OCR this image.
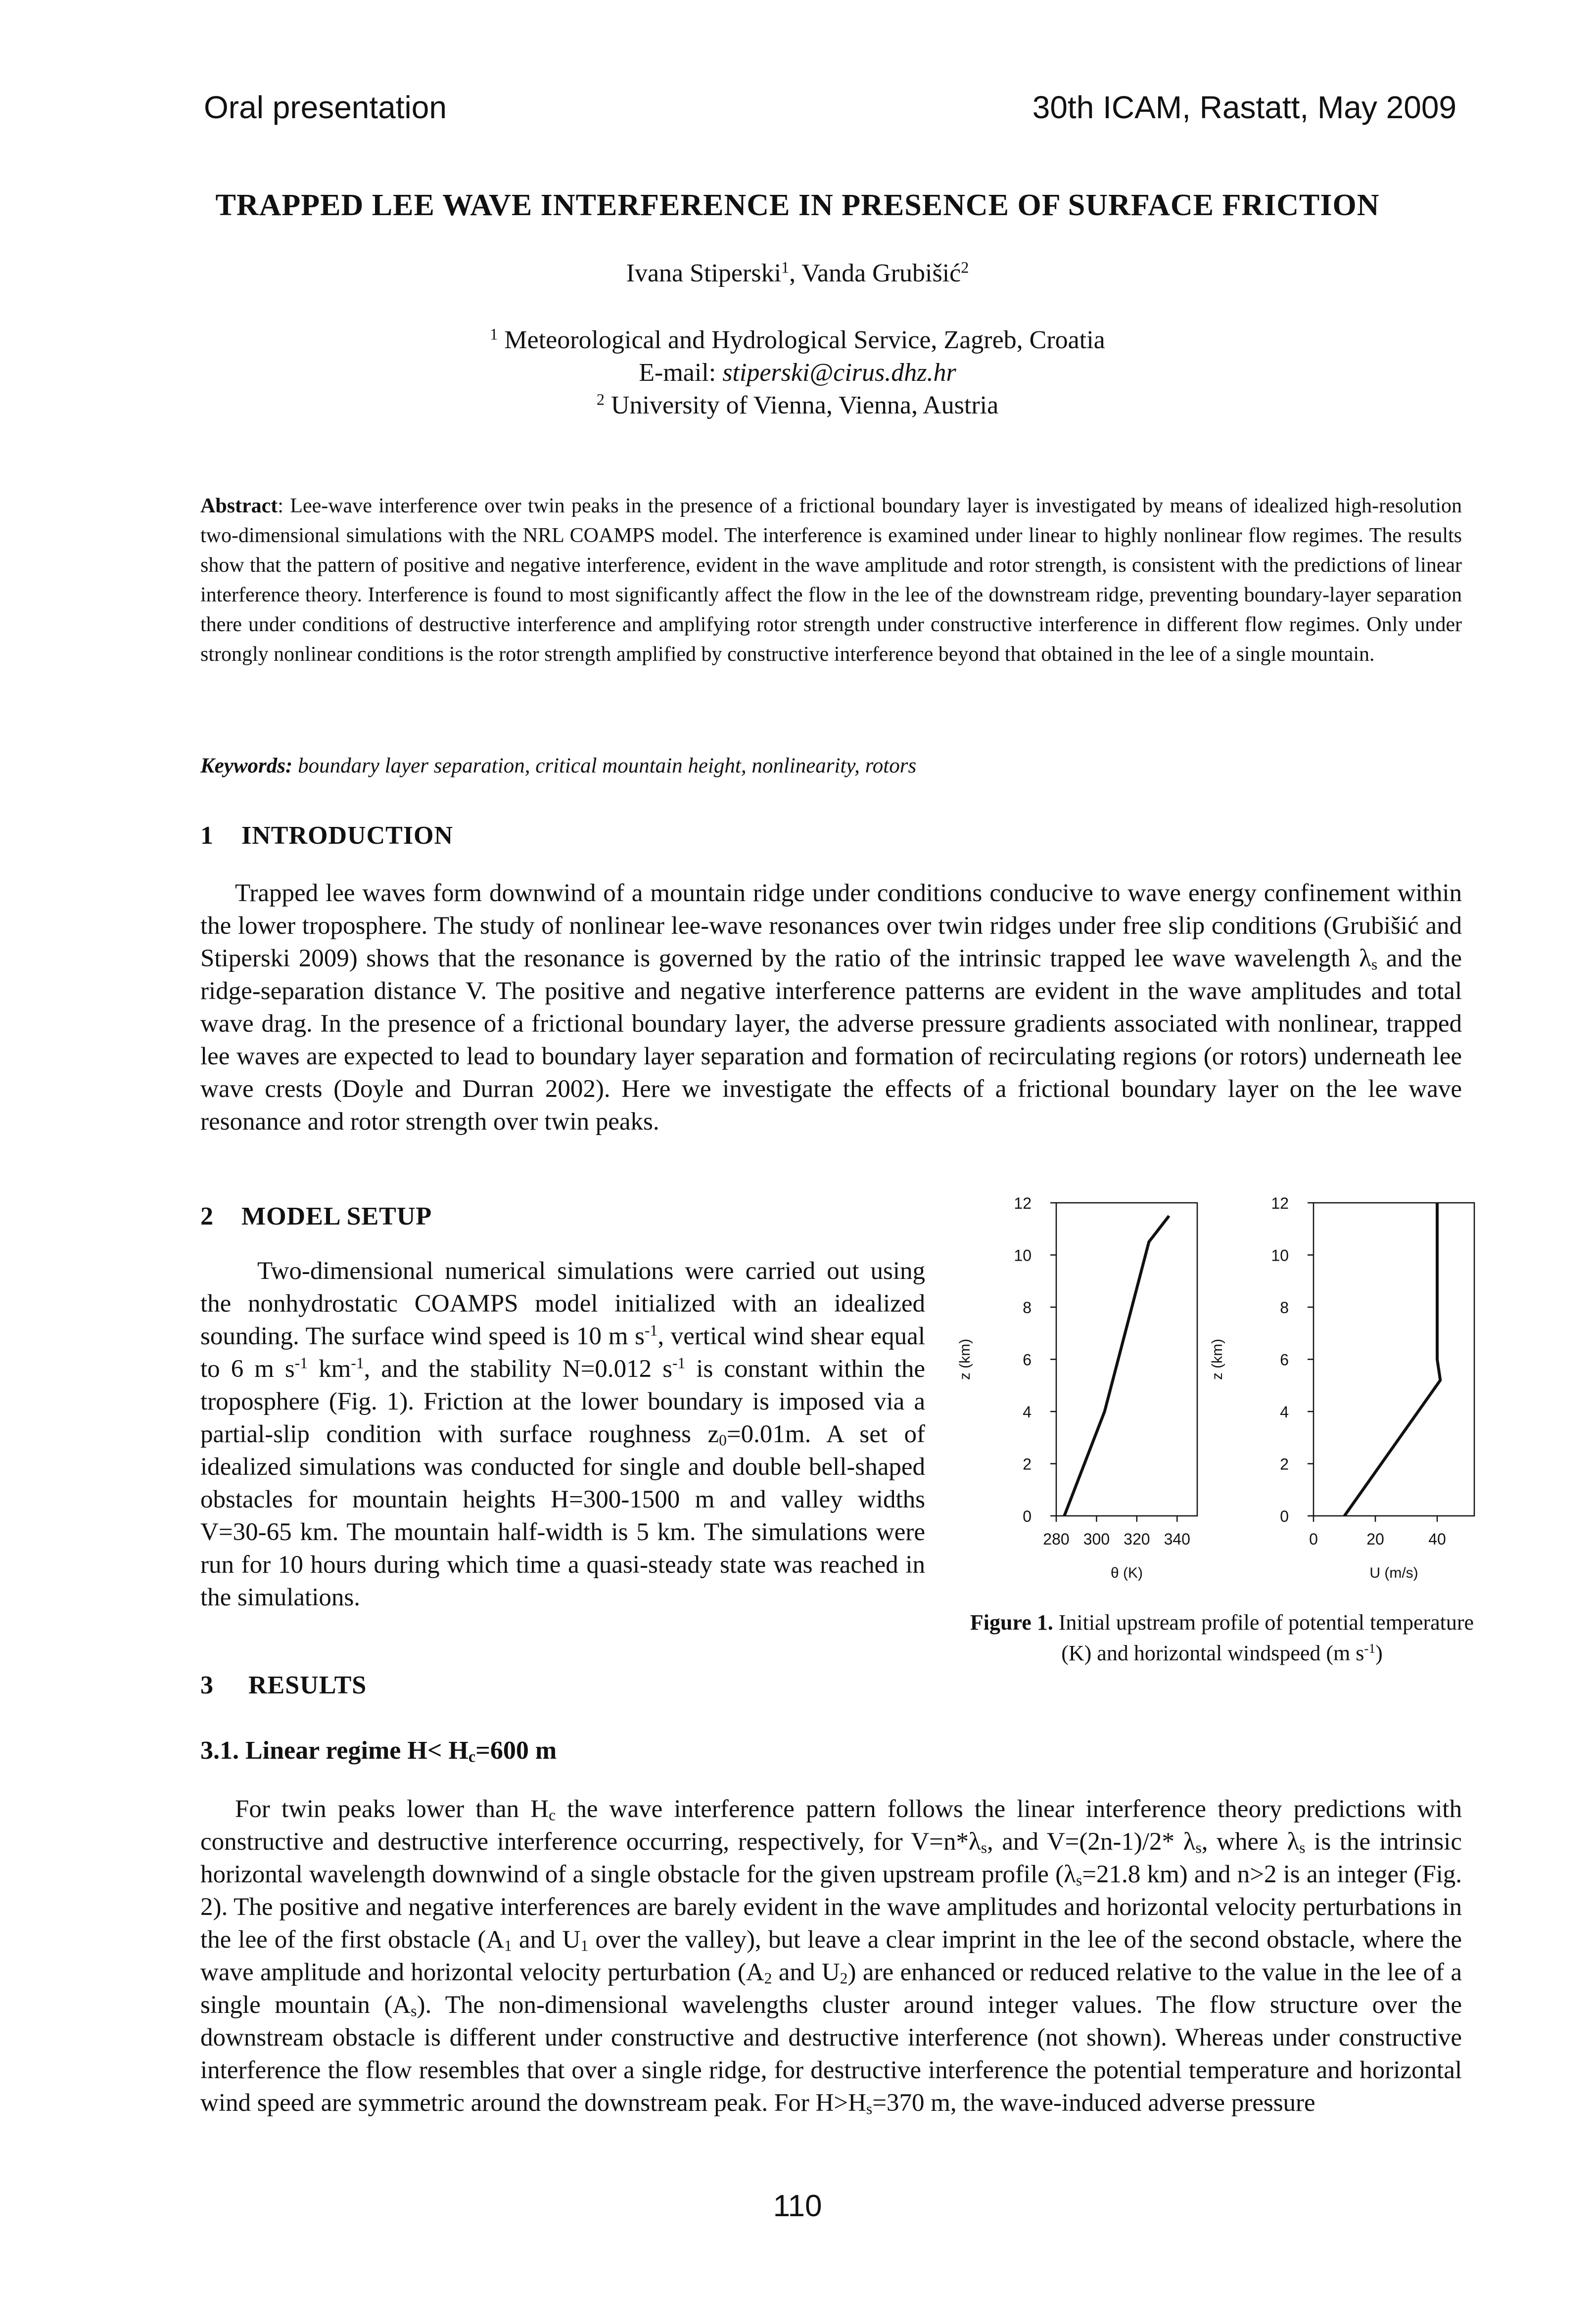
Oral presentation	30th ICAM, Rastatt, May 2009
TRAPPED LEE WAVE INTERFERENCE IN PRESENCE OF SURFACE FRICTION
Ivana Stiperski$^1$, Vanda Grubišić$^2$
$^1$ Meteorological and Hydrological Service, Zagreb, Croatia
E-mail: stiperski@cirus.dhz.hr
$^2$ University of Vienna, Vienna, Austria
Abstract: Lee-wave interference over twin peaks in the presence of a frictional boundary layer is investigated by means of idealized high-resolution two-dimensional simulations with the NRL COAMPS model. The interference is examined under linear to highly nonlinear flow regimes. The results show that the pattern of positive and negative interference, evident in the wave amplitude and rotor strength, is consistent with the predictions of linear interference theory. Interference is found to most significantly affect the flow in the lee of the downstream ridge, preventing boundary-layer separation there under conditions of destructive interference and amplifying rotor strength under constructive interference in different flow regimes. Only under strongly nonlinear conditions is the rotor strength amplified by constructive interference beyond that obtained in the lee of a single mountain.
Keywords: boundary layer separation, critical mountain height, nonlinearity, rotors
1 INTRODUCTION
Trapped lee waves form downwind of a mountain ridge under conditions conducive to wave energy confinement within the lower troposphere. The study of nonlinear lee-wave resonances over twin ridges under free slip conditions (Grubišić and Stiperski 2009) shows that the resonance is governed by the ratio of the intrinsic trapped lee wave wavelength $\lambda_s$ and the ridge-separation distance V. The positive and negative interference patterns are evident in the wave amplitudes and total wave drag. In the presence of a frictional boundary layer, the adverse pressure gradients associated with nonlinear, trapped lee waves are expected to lead to boundary layer separation and formation of recirculating regions (or rotors) underneath lee wave crests (Doyle and Durran 2002). Here we investigate the effects of a frictional boundary layer on the lee wave resonance and rotor strength over twin peaks.
2 MODEL SETUP
Two-dimensional numerical simulations were carried out using the nonhydrostatic COAMPS model initialized with an idealized sounding. The surface wind speed is 10 m $s^{-1}$, vertical wind shear equal to 6 m $s^{-1}$ $km^{-1}$, and the stability N=0.012 $s^{-1}$ is constant within the troposphere (Fig. 1). Friction at the lower boundary is imposed via a partial-slip condition with surface roughness $z_0=0.01m$. A set of idealized simulations was conducted for single and double bell-shaped obstacles for mountain heights H=300-1500 m and valley widths V=30-65 km. The mountain half-width is 5 km. The simulations were run for 10 hours during which time a quasi-steady state was reached in the simulations.
0
2
4
6
8
10
12
280 300 320 340
θ (K)
z (km)
0
2
4
6
8
10
12
0	20	40
U (m/s)
z (km)
Figure 1. Initial upstream profile of potential temperature (K) and horizontal windspeed (m $s^{-1}$)
3 RESULTS
3.1. Linear regime $H< H_c=600$ m
For twin peaks lower than $H_c$ the wave interference pattern follows the linear interference theory predictions with constructive and destructive interference occurring, respectively, for $V=n*\lambda_s$, and V=(2n-1)/2* $\lambda_s$, where $\lambda_s$ is the intrinsic horizontal wavelength downwind of a single obstacle for the given upstream profile ($\lambda_s=21.8$ km) and n>2 is an integer (Fig. 2). The positive and negative interferences are barely evident in the wave amplitudes and horizontal velocity perturbations in the lee of the first obstacle ($A_1$ and $U_1$ over the valley), but leave a clear imprint in the lee of the second obstacle, where the wave amplitude and horizontal velocity perturbation ($A_2$ and $U_2$) are enhanced or reduced relative to the value in the lee of a single mountain $(A_s)$. The non-dimensional wavelengths cluster around integer values. The flow structure over the downstream obstacle is different under constructive and destructive interference (not shown). Whereas under constructive interference the flow resembles that over a single ridge, for destructive interference the potential temperature and horizontal wind speed are symmetric around the downstream peak. For $H>H_s=370$ m, the wave-induced adverse pressure
110
